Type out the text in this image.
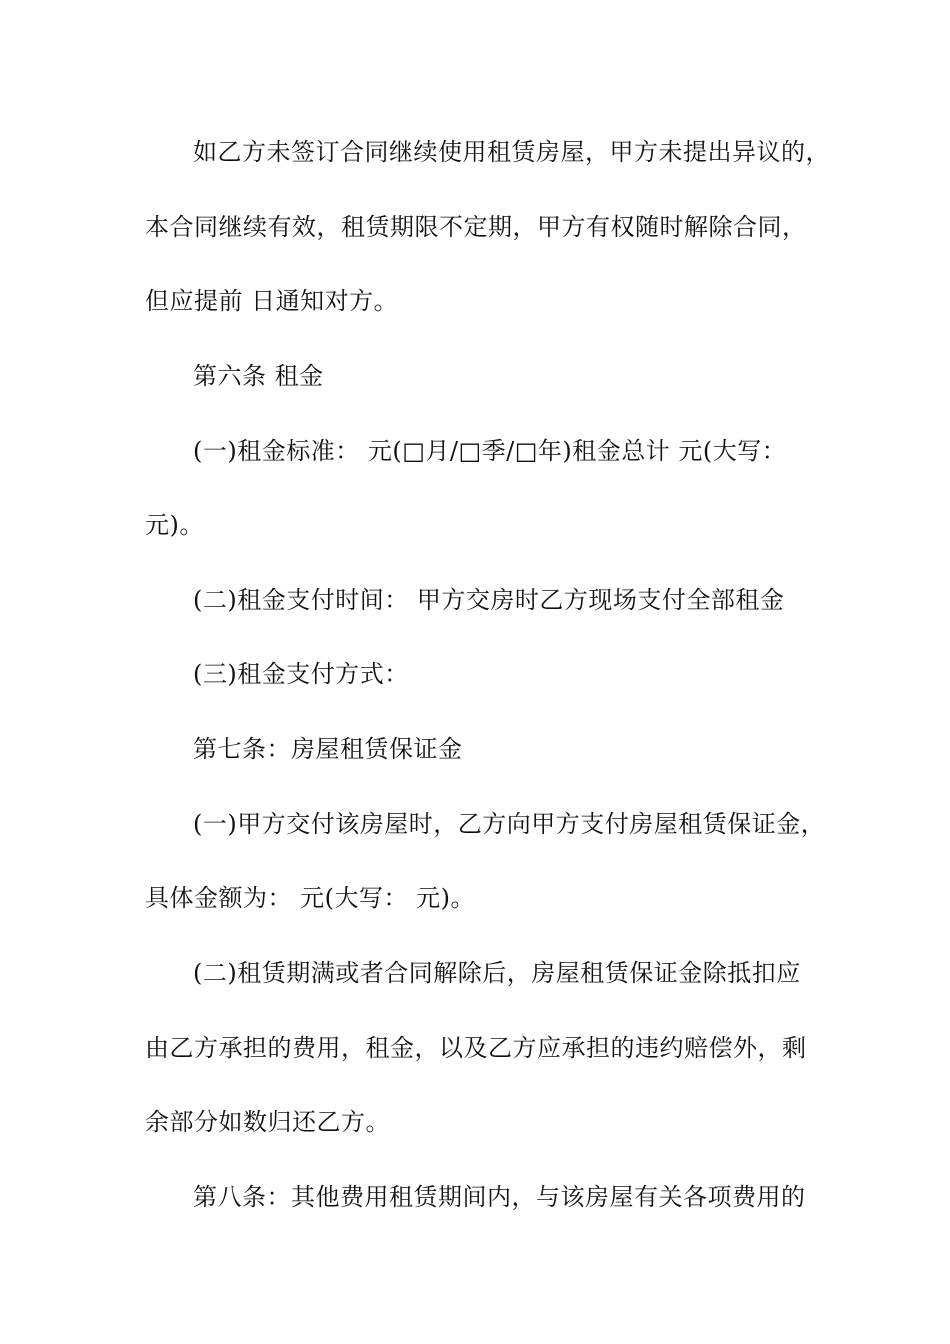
如乙方未签订合同继续使用租赁房屋，甲方未提出异议的，
本合同继续有效，租赁期限不定期，甲方有权随时解除合同，
但应提前 日通知对方。
第六条 租金
(一)租金标准： 元(□月/□季/□年)租金总计 元(大写：
元)。
(二)租金支付时间： 甲方交房时乙方现场支付全部租金
(三)租金支付方式：
第七条：房屋租赁保证金
(一)甲方交付该房屋时，乙方向甲方支付房屋租赁保证金，
具体金额为： 元(大写： 元)。
(二)租赁期满或者合同解除后，房屋租赁保证金除抵扣应
由乙方承担的费用，租金，以及乙方应承担的违约赔偿外，剩
余部分如数归还乙方。
第八条：其他费用租赁期间内，与该房屋有关各项费用的
